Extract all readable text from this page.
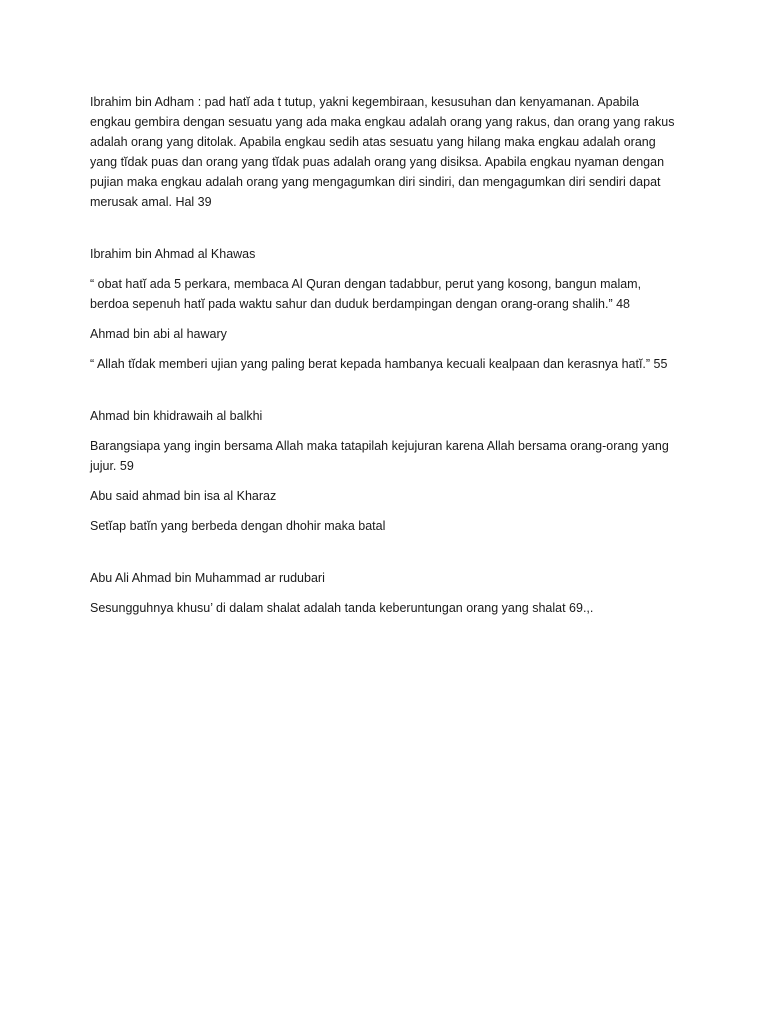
Ibrahim bin Adham : pad hatĭ ada t tutup, yakni kegembiraan, kesusuhan dan kenyamanan. Apabila engkau gembira dengan sesuatu yang ada maka engkau adalah orang yang rakus, dan orang yang rakus adalah orang yang ditolak. Apabila engkau sedih atas sesuatu yang hilang maka engkau adalah orang yang tĭdak puas dan orang yang tĭdak puas adalah orang yang disiksa. Apabila engkau nyaman dengan pujian maka engkau adalah orang yang mengagumkan diri sindiri, dan mengagumkan diri sendiri dapat merusak amal. Hal 39

Ibrahim bin Ahmad al Khawas

“ obat hatĭ ada 5 perkara, membaca Al Quran dengan tadabbur, perut yang kosong, bangun malam, berdoa sepenuh hatĭ pada waktu sahur dan duduk berdampingan dengan orang-orang shalih.” 48

Ahmad bin abi al hawary

“ Allah tĭdak memberi ujian yang paling berat kepada hambanya kecuali kealpaan dan kerasnya hatĭ.” 55

Ahmad bin khidrawaih al balkhi

Barangsiapa yang ingin bersama Allah maka tatapilah kejujuran karena Allah bersama orang-orang yang jujur. 59

Abu said ahmad bin isa al Kharaz

Setĭap batĭn yang berbeda dengan dhohir maka batal

Abu Ali Ahmad bin Muhammad ar rudubari

Sesungguhnya khusu’ di dalam shalat adalah tanda keberuntungan orang yang shalat 69.,.
